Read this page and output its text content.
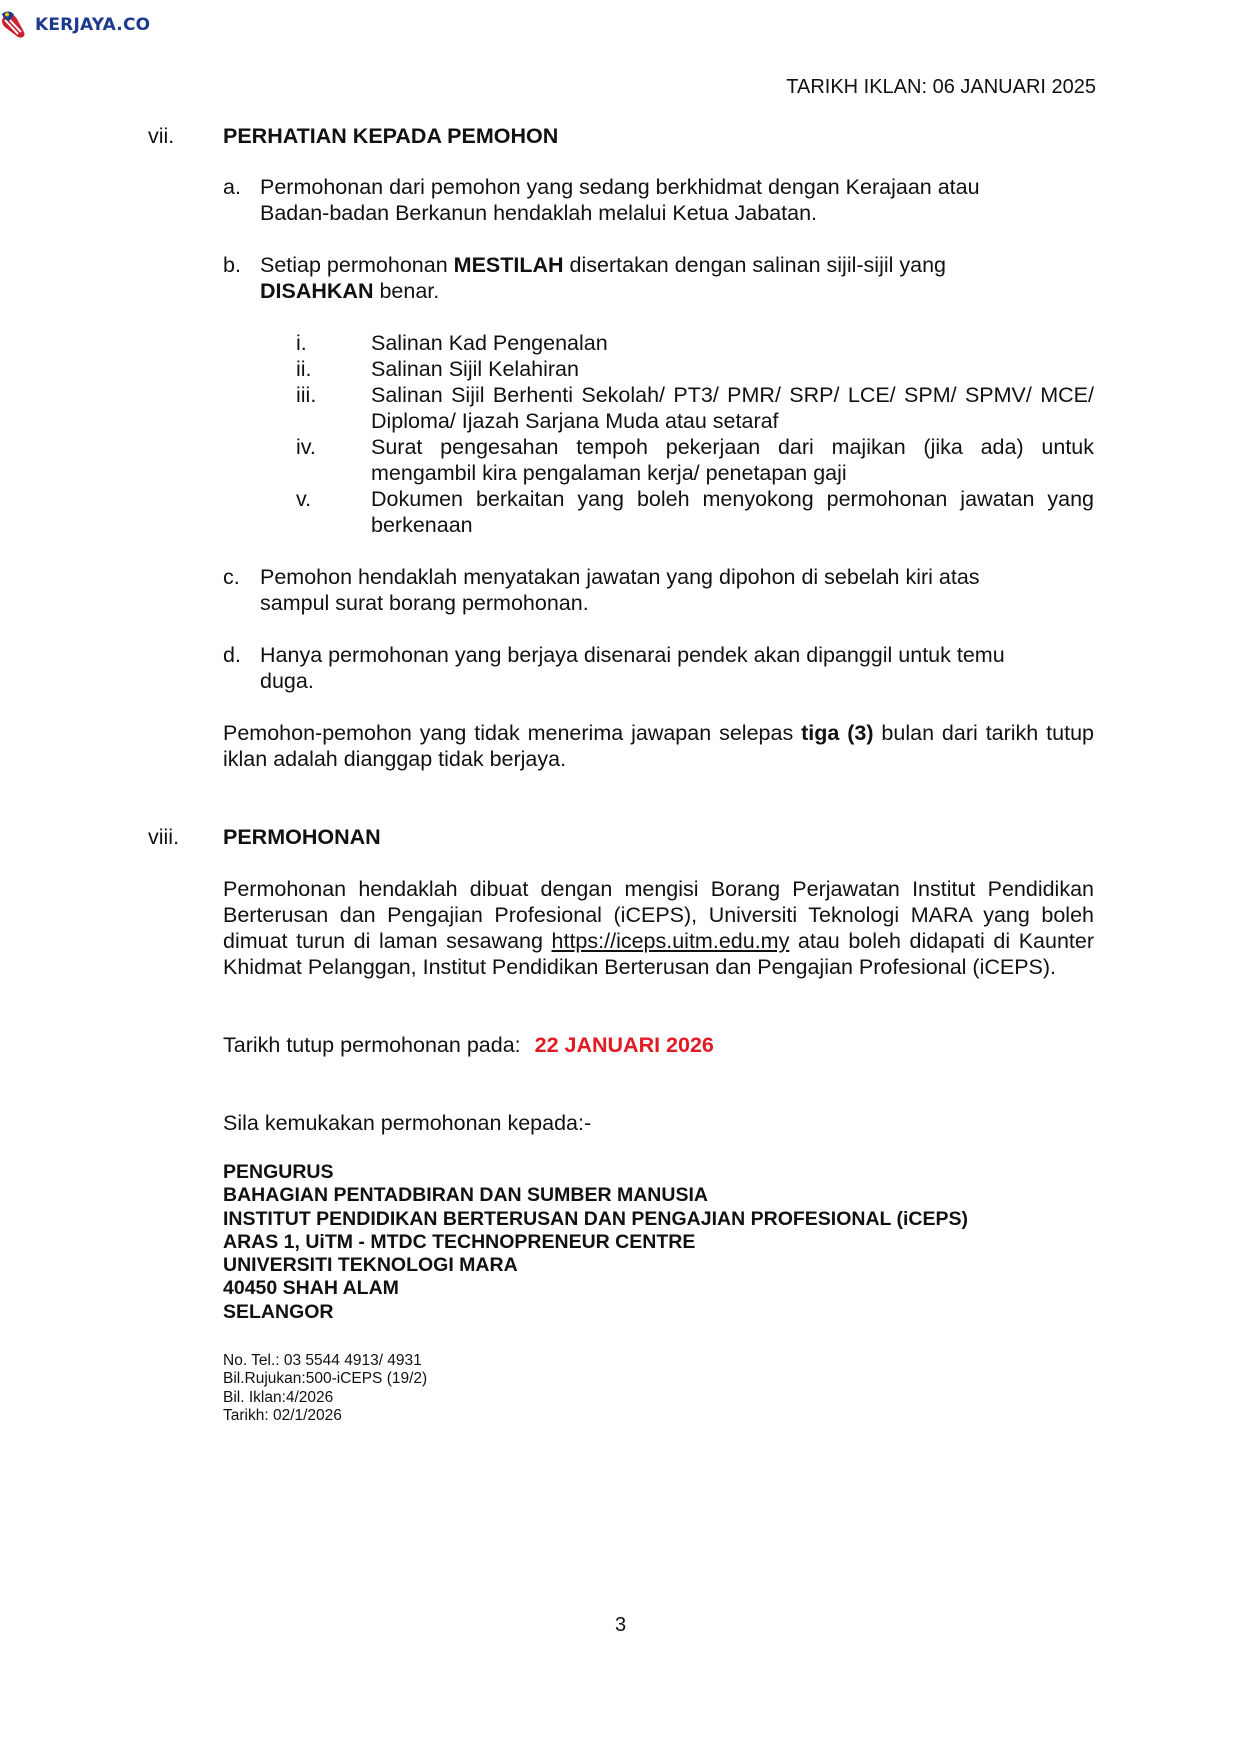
KERJAYA.CO
TARIKH IKLAN: 06 JANUARI 2025
vii. PERHATIAN KEPADA PEMOHON
a. Permohonan dari pemohon yang sedang berkhidmat dengan Kerajaan atau
Badan-badan Berkanun hendaklah melalui Ketua Jabatan.
b. Setiap permohonan MESTILAH disertakan dengan salinan sijil-sijil yang
DISAHKAN benar.
i.	Salinan Kad Pengenalan
ii.	Salinan Sijil Kelahiran
iii.	Salinan Sijil Berhenti Sekolah/ PT3/ PMR/ SRP/ LCE/ SPM/ SPMV/ MCE/ Diploma/ Ijazah Sarjana Muda atau setaraf
iv.	Surat pengesahan tempoh pekerjaan dari majikan (jika ada) untuk mengambil kira pengalaman kerja/ penetapan gaji
v.	Dokumen berkaitan yang boleh menyokong permohonan jawatan yang berkenaan
c. Pemohon hendaklah menyatakan jawatan yang dipohon di sebelah kiri atas
sampul surat borang permohonan.
d. Hanya permohonan yang berjaya disenarai pendek akan dipanggil untuk temu
duga.
Pemohon-pemohon yang tidak menerima jawapan selepas tiga (3) bulan dari tarikh tutup iklan adalah dianggap tidak berjaya.
viii. PERMOHONAN
Permohonan hendaklah dibuat dengan mengisi Borang Perjawatan Institut Pendidikan Berterusan dan Pengajian Profesional (iCEPS), Universiti Teknologi MARA yang boleh dimuat turun di laman sesawang https://iceps.uitm.edu.my atau boleh didapati di Kaunter Khidmat Pelanggan, Institut Pendidikan Berterusan dan Pengajian Profesional (iCEPS).
Tarikh tutup permohonan pada: 22 JANUARI 2026
Sila kemukakan permohonan kepada:-
PENGURUS
BAHAGIAN PENTADBIRAN DAN SUMBER MANUSIA
INSTITUT PENDIDIKAN BERTERUSAN DAN PENGAJIAN PROFESIONAL (iCEPS)
ARAS 1, UiTM - MTDC TECHNOPRENEUR CENTRE
UNIVERSITI TEKNOLOGI MARA
40450 SHAH ALAM
SELANGOR
No. Tel.: 03 5544 4913/ 4931
Bil.Rujukan:500-iCEPS (19/2)
Bil. Iklan:4/2026
Tarikh: 02/1/2026
3
